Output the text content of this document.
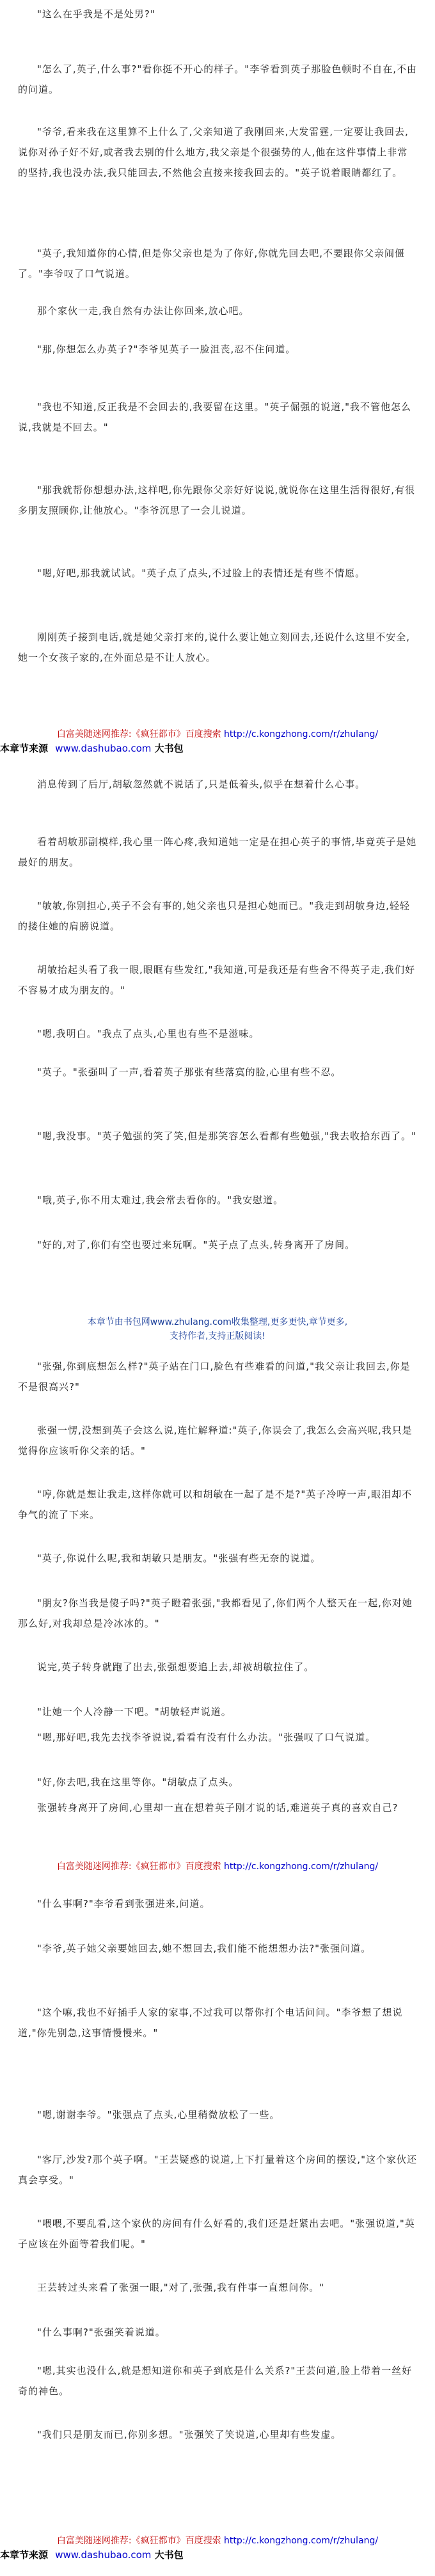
"这么在乎我是不是处男?"
"怎么了,英子,什么事?"看你挺不开心的样子。"李爷看到英子那脸色顿时不自在,不由的问道。
"爷爷,看来我在这里算不上什么了,父亲知道了我刚回来,大发雷霆,一定要让我回去,说你对孙子好不好,或者我去别的什么地方,我父亲是个很强势的人,他在这件事情上非常的坚持,我也没办法,我只能回去,不然他会直接来接我回去的。"英子说着眼睛都红了。
"英子,我知道你的心情,但是你父亲也是为了你好,你就先回去吧,不要跟你父亲闹僵了。"李爷叹了口气说道。
那个家伙一走,我自然有办法让你回来,放心吧。
"那,你想怎么办英子?"李爷见英子一脸沮丧,忍不住问道。
"我也不知道,反正我是不会回去的,我要留在这里。"英子倔强的说道,"我不管他怎么说,我就是不回去。"
"那我就帮你想想办法,这样吧,你先跟你父亲好好说说,就说你在这里生活得很好,有很多朋友照顾你,让他放心。"李爷沉思了一会儿说道。
"嗯,好吧,那我就试试。"英子点了点头,不过脸上的表情还是有些不情愿。
刚刚英子接到电话,就是她父亲打来的,说什么要让她立刻回去,还说什么这里不安全,她一个女孩子家的,在外面总是不让人放心。
白富美随迷网推荐:《疯狂都市》百度搜索 http://c.kongzhong.com/r/zhulang/
本章节来源 www.dashubao.com 大书包
消息传到了后厅,胡敏忽然就不说话了,只是低着头,似乎在想着什么心事。
看着胡敏那副模样,我心里一阵心疼,我知道她一定是在担心英子的事情,毕竟英子是她最好的朋友。
"敏敏,你别担心,英子不会有事的,她父亲也只是担心她而已。"我走到胡敏身边,轻轻的搂住她的肩膀说道。
胡敏抬起头看了我一眼,眼眶有些发红,"我知道,可是我还是有些舍不得英子走,我们好不容易才成为朋友的。"
"嗯,我明白。"我点了点头,心里也有些不是滋味。
"英子。"张强叫了一声,看着英子那张有些落寞的脸,心里有些不忍。
"嗯,我没事。"英子勉强的笑了笑,但是那笑容怎么看都有些勉强,"我去收拾东西了。"
"哦,英子,你不用太难过,我会常去看你的。"我安慰道。
"好的,对了,你们有空也要过来玩啊。"英子点了点头,转身离开了房间。
本章节由书包网www.zhulang.com收集整理,更多更快,章节更多,
支持作者,支持正版阅读!
"张强,你到底想怎么样?"英子站在门口,脸色有些难看的问道,"我父亲让我回去,你是不是很高兴?"
张强一愣,没想到英子会这么说,连忙解释道:"英子,你误会了,我怎么会高兴呢,我只是觉得你应该听你父亲的话。"
"哼,你就是想让我走,这样你就可以和胡敏在一起了是不是?"英子冷哼一声,眼泪却不争气的流了下来。
"英子,你说什么呢,我和胡敏只是朋友。"张强有些无奈的说道。
"朋友?你当我是傻子吗?"英子瞪着张强,"我都看见了,你们两个人整天在一起,你对她那么好,对我却总是冷冰冰的。"
说完,英子转身就跑了出去,张强想要追上去,却被胡敏拉住了。
"让她一个人冷静一下吧。"胡敏轻声说道。
"嗯,那好吧,我先去找李爷说说,看看有没有什么办法。"张强叹了口气说道。
"好,你去吧,我在这里等你。"胡敏点了点头。
张强转身离开了房间,心里却一直在想着英子刚才说的话,难道英子真的喜欢自己?
白富美随迷网推荐:《疯狂都市》百度搜索 http://c.kongzhong.com/r/zhulang/
"什么事啊?"李爷看到张强进来,问道。
"李爷,英子她父亲要她回去,她不想回去,我们能不能想想办法?"张强问道。
"这个嘛,我也不好插手人家的家事,不过我可以帮你打个电话问问。"李爷想了想说道,"你先别急,这事情慢慢来。"
"嗯,谢谢李爷。"张强点了点头,心里稍微放松了一些。
"客厅,沙发?那个英子啊。"王芸疑惑的说道,上下打量着这个房间的摆设,"这个家伙还真会享受。"
"喂喂,不要乱看,这个家伙的房间有什么好看的,我们还是赶紧出去吧。"张强说道,"英子应该在外面等着我们呢。"
王芸转过头来看了张强一眼,"对了,张强,我有件事一直想问你。"
"什么事啊?"张强笑着说道。
"嗯,其实也没什么,就是想知道你和英子到底是什么关系?"王芸问道,脸上带着一丝好奇的神色。
"我们只是朋友而已,你别多想。"张强笑了笑说道,心里却有些发虚。
白富美随迷网推荐:《疯狂都市》百度搜索 http://c.kongzhong.com/r/zhulang/
本章节来源 www.dashubao.com 大书包
